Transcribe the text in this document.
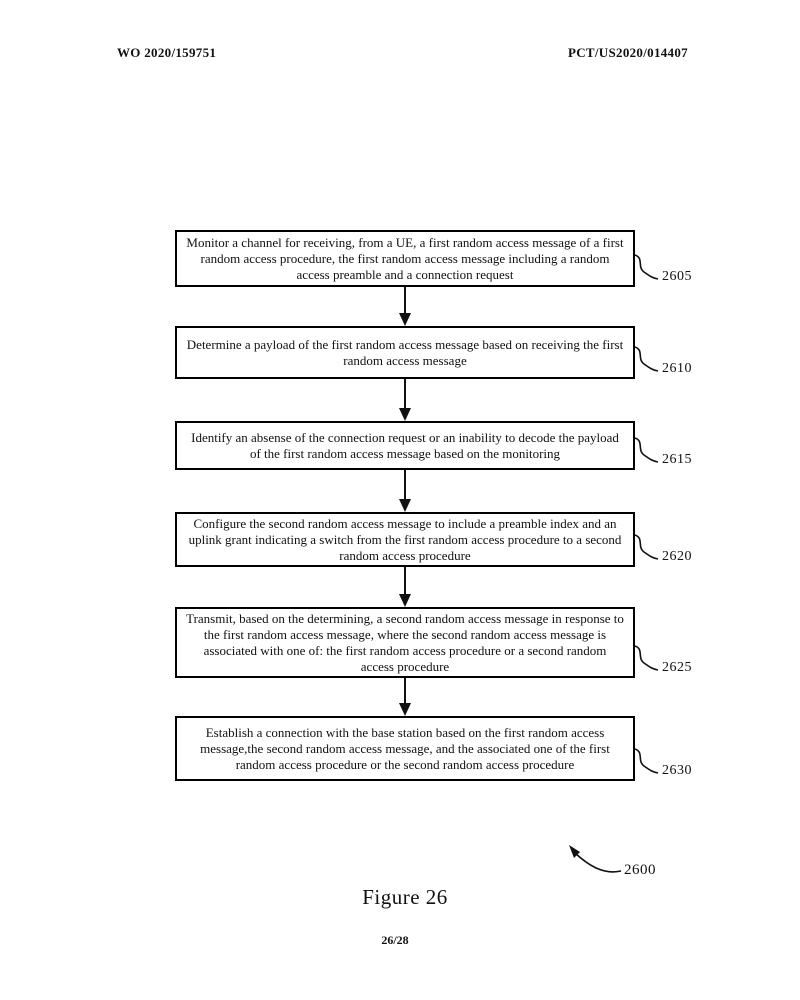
WO 2020/159751	PCT/US2020/014407

Monitor a channel for receiving, from a UE, a first random access message of a first random access procedure, the first random access message including a random access preamble and a connection request

Determine a payload of the first random access message based on receiving the first random access message

Identify an absense of the connection request or an inability to decode the payload of the first random access message based on the monitoring

Configure the second random access message to include a preamble index and an uplink grant indicating a switch from the first random access procedure to a second random access procedure

Transmit, based on the determining, a second random access message in response to the first random access message, where the second random access message is associated with one of: the first random access procedure or a second random access procedure

Establish a connection with the base station based on the first random access message,the second random access message, and the associated one of the first random access procedure or the second random access procedure

2605
2610
2615
2620
2625
2630
2600
Figure 26
26/28
